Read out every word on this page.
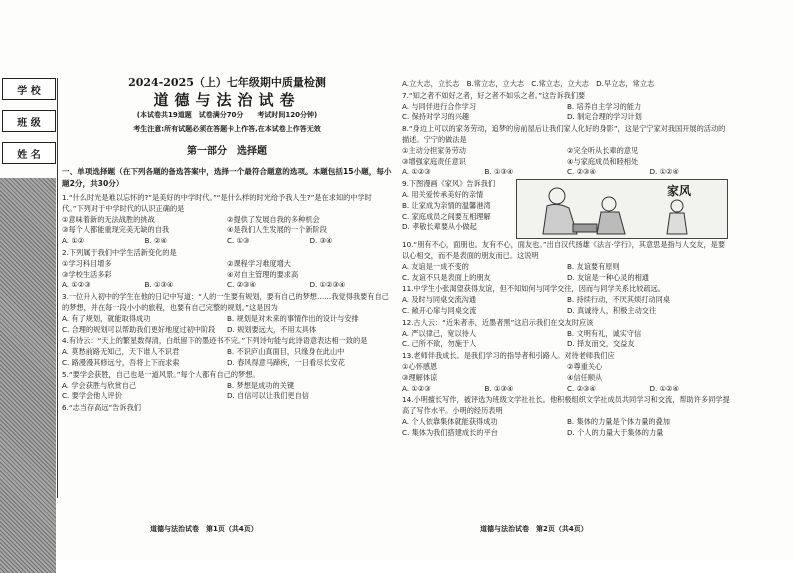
学 校
班 级
姓 名
2024-2025（上）七年级期中质量检测
道德与法治试卷
(本试卷共19道题　试卷满分70分　　考试时间120分钟)
考生注意:所有试题必须在答题卡上作答,在本试卷上作答无效
第一部分　选择题
一、单项选择题（在下列各题的备选答案中，选择一个最符合题意的选项。本题包括15小题，每小题2分，共30分）
1.“什么时光是难以忘怀的?”是美好的中学时代。”“是什么样的时光给予我人生?”是在求知的中学时代。”下列对于中学时代的认识正确的是
①意味着新的无法战胜的挑战	②提供了发展自我的多种机会
③每个人都能重现完美无缺的自我	④是我们人生发展的一个新阶段
A. ①②	B. ②④	C. ①③	D. ③④
2.下列属于我们中学生活新变化的是
①学习科目增多	②课程学习难度增大
③学校生活多彩	④对自主管理的要求高
A. ①②③	B. ①③④	C. ②③④	D. ①②③④
3.一位升入初中的学生在他的日记中写道：“人的一生要有规划，要有自己的梦想……我觉得我要有自己的梦想，并在每一段小小的旅程，也要有自己完整的规划。”这是因为
A. 有了规划，就能取得成功	B. 规划是对未来的事情作出的设计与安排
C. 合理的规划可以帮助我们更好地度过初中阶段	D. 规划要远大，不用太具体
4.有诗云：“天上的繁星数得清，白纸留下的墨迹书不完。”下列诗句能与此诗语意表达相一致的是
A. 莫愁前路无知己，天下谁人不识君	B. 不识庐山真面目，只缘身在此山中
C. 路漫漫其修远兮，吾将上下而求索	D. 春风得意马蹄疾，一日看尽长安花
5.“要学会获胜，自己也是一道风景。”每个人都有自己的梦想。
A. 学会获胜与欣赏自己	B. 梦想是成功的关键
C. 要学会他人评价	D. 自信可以让我们更自信
6.“志当存高远”告诉我们
道德与法治试卷　第1页（共4页）
A.立大志，立长志　B.常立志，立大志　C.常立志，立大志　D.早立志，常立志
7.“知之者不如好之者，好之者不如乐之者。”这告诉我们要
A. 与同伴进行合作学习	B. 培养自主学习的能力
C. 保持对学习的兴趣	D. 制定合理的学习计划
8.“身边上可以的家务劳动，追梦的房前屋后让我们家人化好的身影”，这是宁宁家对我国开展的活动的描述。宁宁的做法是
①主动分担家务劳动	②完全听从长辈的意见
③增强家庭责任意识	④与家庭成员和睦相处
A. ①②③	B. ①③④	C. ②③④	D. ①②④
9.下图漫画《家风》告诉我们
A. 用关爱传承美好的亲情
B. 让家成为亲情的温馨港湾
C. 家庭成员之间要互相理解
D. 孝敬长辈要从小做起
家风
10.“朋有不心，面朋也。友有不心，面友也。”出自汉代扬雄《法言·学行》，其意思是指与人交友，是要以心相交，而不是表面的朋友而已。这说明
A. 友谊是一成不变的	B. 友谊要有原则
C. 友谊不只是表面上的朋友	D. 友谊是一种心灵的相通
11.中学生小张渴望获得友谊，但不知如何与同学交往，因而与同学关系比较疏远。
A. 及时与同桌交流沟通	B. 持续行动，不厌其烦打动同桌
C. 敞开心扉与同桌交流	D. 真诚待人，积极主动交往
12.古人云：“近朱者赤，近墨者黑”这启示我们在交友时应该
A. 严以律己，宽以待人	B. 文明有礼，诚实守信
C. 己所不欲，勿施于人	D. 择友而交，交益友
13.老师伴我成长。是我们学习的指导者和引路人。对待老师我们应
①心怀感恩	②尊重关心
③理解体谅	④信任顺从
A. ①②③	B. ①③④	C. ②③④	D. ①②④
14.小明擅长写作，被评选为班级文学社社长。他积极组织文学社成员共同学习和交流，帮助许多同学提高了写作水平。小明的经历表明
A. 个人依靠集体就能获得成功	B. 集体的力量是个体力量的叠加
C. 集体为我们搭建成长的平台	D. 个人的力量大于集体的力量
道德与法治试卷　第2页（共4页）
